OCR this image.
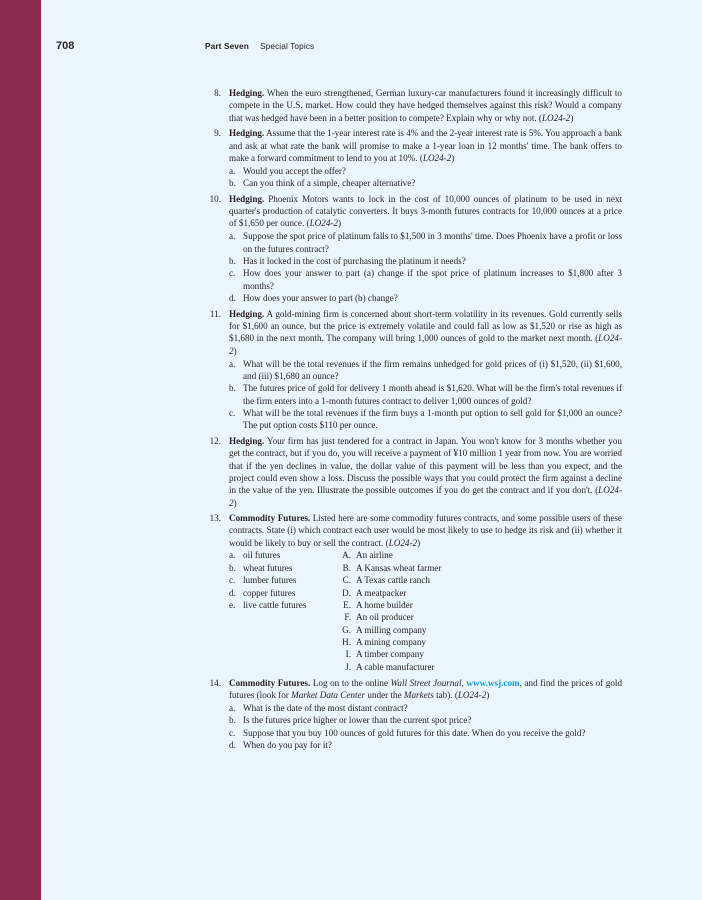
708	Part Seven Special Topics
8. Hedging. When the euro strengthened, German luxury-car manufacturers found it increasingly difficult to compete in the U.S. market. How could they have hedged themselves against this risk? Would a company that was hedged have been in a better position to compete? Explain why or why not. (LO24-2)
9. Hedging. Assume that the 1-year interest rate is 4% and the 2-year interest rate is 5%. You approach a bank and ask at what rate the bank will promise to make a 1-year loan in 12 months' time. The bank offers to make a forward commitment to lend to you at 10%. (LO24-2)
a. Would you accept the offer?
b. Can you think of a simple, cheaper alternative?
10. Hedging. Phoenix Motors wants to lock in the cost of 10,000 ounces of platinum to be used in next quarter's production of catalytic converters. It buys 3-month futures contracts for 10,000 ounces at a price of $1,650 per ounce. (LO24-2)
a. Suppose the spot price of platinum falls to $1,500 in 3 months' time. Does Phoenix have a profit or loss on the futures contract?
b. Has it locked in the cost of purchasing the platinum it needs?
c. How does your answer to part (a) change if the spot price of platinum increases to $1,800 after 3 months?
d. How does your answer to part (b) change?
11. Hedging. A gold-mining firm is concerned about short-term volatility in its revenues. Gold currently sells for $1,600 an ounce, but the price is extremely volatile and could fall as low as $1,520 or rise as high as $1,680 in the next month. The company will bring 1,000 ounces of gold to the market next month. (LO24-2)
a. What will be the total revenues if the firm remains unhedged for gold prices of (i) $1,520, (ii) $1,600, and (iii) $1,680 an ounce?
b. The futures price of gold for delivery 1 month ahead is $1,620. What will be the firm's total revenues if the firm enters into a 1-month futures contract to deliver 1,000 ounces of gold?
c. What will be the total revenues if the firm buys a 1-month put option to sell gold for $1,000 an ounce? The put option costs $110 per ounce.
12. Hedging. Your firm has just tendered for a contract in Japan. You won't know for 3 months whether you get the contract, but if you do, you will receive a payment of ¥10 million 1 year from now. You are worried that if the yen declines in value, the dollar value of this payment will be less than you expect, and the project could even show a loss. Discuss the possible ways that you could protect the firm against a decline in the value of the yen. Illustrate the possible outcomes if you do get the contract and if you don't. (LO24-2)
13. Commodity Futures. Listed here are some commodity futures contracts, and some possible users of these contracts. State (i) which contract each user would be most likely to use to hedge its risk and (ii) whether it would be likely to buy or sell the contract. (LO24-2)
a. oil futures
b. wheat futures
c. lumber futures
d. copper futures
e. live cattle futures
A. An airline
B. A Kansas wheat farmer
C. A Texas cattle ranch
D. A meatpacker
E. A home builder
F. An oil producer
G. A milling company
H. A mining company
I. A timber company
J. A cable manufacturer
14. Commodity Futures. Log on to the online Wall Street Journal, www.wsj.com, and find the prices of gold futures (look for Market Data Center under the Markets tab). (LO24-2)
a. What is the date of the most distant contract?
b. Is the futures price higher or lower than the current spot price?
c. Suppose that you buy 100 ounces of gold futures for this date. When do you receive the gold?
d. When do you pay for it?
